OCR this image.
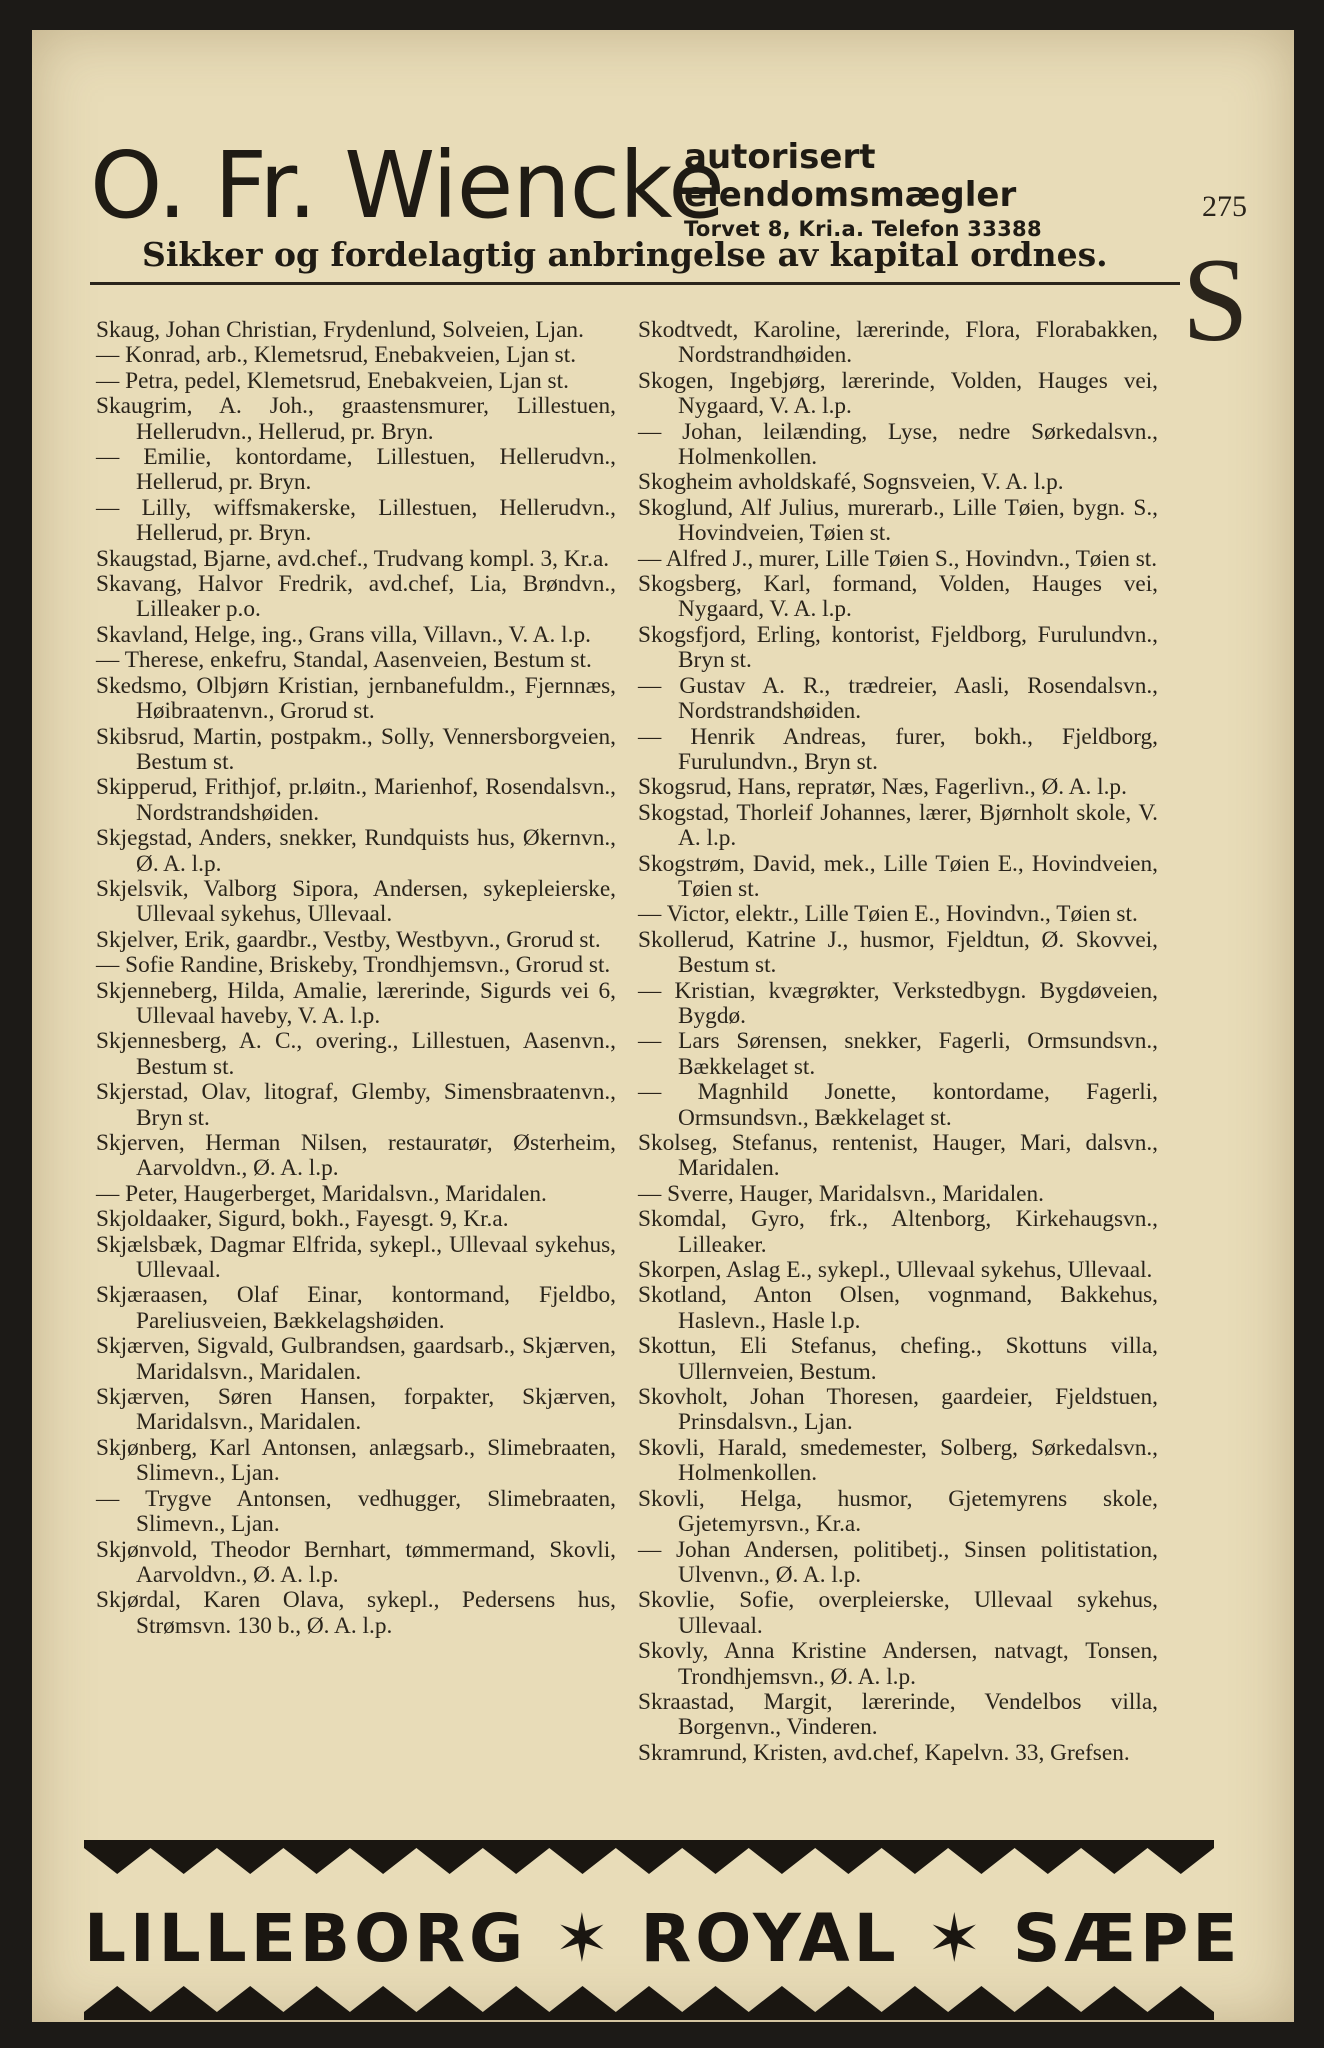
O. Fr. Wiencke
autorisert eiendomsmægler
Torvet 8, Kri.a. Telefon 33388
Sikker og fordelagtig anbringelse av kapital ordnes.
275
S
Skaug, Johan Christian, Frydenlund, Solveien, Ljan.
— Konrad, arb., Klemetsrud, Enebakveien, Ljan st.
— Petra, pedel, Klemetsrud, Enebakveien, Ljan st.
Skaugrim, A. Joh., graastensmurer, Lillestuen, Hellerudvn., Hellerud, pr. Bryn.
— Emilie, kontordame, Lillestuen, Hellerudvn., Hellerud, pr. Bryn.
— Lilly, wiffsmakerske, Lillestuen, Hellerudvn., Hellerud, pr. Bryn.
Skaugstad, Bjarne, avd.chef., Trudvang kompl. 3, Kr.a.
Skavang, Halvor Fredrik, avd.chef, Lia, Brøndvn., Lilleaker p.o.
Skavland, Helge, ing., Grans villa, Villavn., V. A. l.p.
— Therese, enkefru, Standal, Aasenveien, Bestum st.
Skedsmo, Olbjørn Kristian, jernbanefuldm., Fjernnæs, Høibraatenvn., Grorud st.
Skibsrud, Martin, postpakm., Solly, Vennersborgveien, Bestum st.
Skipperud, Frithjof, pr.løitn., Marienhof, Rosendalsvn., Nordstrandshøiden.
Skjegstad, Anders, snekker, Rundquists hus, Økernvn., Ø. A. l.p.
Skjelsvik, Valborg Sipora, Andersen, sykepleierske, Ullevaal sykehus, Ullevaal.
Skjelver, Erik, gaardbr., Vestby, Westbyvn., Grorud st.
— Sofie Randine, Briskeby, Trondhjemsvn., Grorud st.
Skjenneberg, Hilda, Amalie, lærerinde, Sigurds vei 6, Ullevaal haveby, V. A. l.p.
Skjennesberg, A. C., overing., Lillestuen, Aasenvn., Bestum st.
Skjerstad, Olav, litograf, Glemby, Simensbraatenvn., Bryn st.
Skjerven, Herman Nilsen, restauratør, Østerheim, Aarvoldvn., Ø. A. l.p.
— Peter, Haugerberget, Maridalsvn., Maridalen.
Skjoldaaker, Sigurd, bokh., Fayesgt. 9, Kr.a.
Skjælsbæk, Dagmar Elfrida, sykepl., Ullevaal sykehus, Ullevaal.
Skjæraasen, Olaf Einar, kontormand, Fjeldbo, Pareliusveien, Bækkelagshøiden.
Skjærven, Sigvald, Gulbrandsen, gaardsarb., Skjærven, Maridalsvn., Maridalen.
Skjærven, Søren Hansen, forpakter, Skjærven, Maridalsvn., Maridalen.
Skjønberg, Karl Antonsen, anlægsarb., Slimebraaten, Slimevn., Ljan.
— Trygve Antonsen, vedhugger, Slimebraaten, Slimevn., Ljan.
Skjønvold, Theodor Bernhart, tømmermand, Skovli, Aarvoldvn., Ø. A. l.p.
Skjørdal, Karen Olava, sykepl., Pedersens hus, Strømsvn. 130 b., Ø. A. l.p.
Skodtvedt, Karoline, lærerinde, Flora, Florabakken, Nordstrandhøiden.
Skogen, Ingebjørg, lærerinde, Volden, Hauges vei, Nygaard, V. A. l.p.
— Johan, leilænding, Lyse, nedre Sørkedalsvn., Holmenkollen.
Skogheim avholdskafé, Sognsveien, V. A. l.p.
Skoglund, Alf Julius, murerarb., Lille Tøien, bygn. S., Hovindveien, Tøien st.
— Alfred J., murer, Lille Tøien S., Hovindvn., Tøien st.
Skogsberg, Karl, formand, Volden, Hauges vei, Nygaard, V. A. l.p.
Skogsfjord, Erling, kontorist, Fjeldborg, Furulundvn., Bryn st.
— Gustav A. R., trædreier, Aasli, Rosendalsvn., Nordstrandshøiden.
— Henrik Andreas, furer, bokh., Fjeldborg, Furulundvn., Bryn st.
Skogsrud, Hans, repratør, Næs, Fagerlivn., Ø. A. l.p.
Skogstad, Thorleif Johannes, lærer, Bjørnholt skole, V. A. l.p.
Skogstrøm, David, mek., Lille Tøien E., Hovindveien, Tøien st.
— Victor, elektr., Lille Tøien E., Hovindvn., Tøien st.
Skollerud, Katrine J., husmor, Fjeldtun, Ø. Skovvei, Bestum st.
— Kristian, kvægrøkter, Verkstedbygn. Bygdøveien, Bygdø.
— Lars Sørensen, snekker, Fagerli, Ormsundsvn., Bækkelaget st.
— Magnhild Jonette, kontordame, Fagerli, Ormsundsvn., Bækkelaget st.
Skolseg, Stefanus, rentenist, Hauger, Mari, dalsvn., Maridalen.
— Sverre, Hauger, Maridalsvn., Maridalen.
Skomdal, Gyro, frk., Altenborg, Kirkehaugsvn., Lilleaker.
Skorpen, Aslag E., sykepl., Ullevaal sykehus, Ullevaal.
Skotland, Anton Olsen, vognmand, Bakkehus, Haslevn., Hasle l.p.
Skottun, Eli Stefanus, chefing., Skottuns villa, Ullernveien, Bestum.
Skovholt, Johan Thoresen, gaardeier, Fjeldstuen, Prinsdalsvn., Ljan.
Skovli, Harald, smedemester, Solberg, Sørkedalsvn., Holmenkollen.
Skovli, Helga, husmor, Gjetemyrens skole, Gjetemyrsvn., Kr.a.
— Johan Andersen, politibetj., Sinsen politistation, Ulvenvn., Ø. A. l.p.
Skovlie, Sofie, overpleierske, Ullevaal sykehus, Ullevaal.
Skovly, Anna Kristine Andersen, natvagt, Tonsen, Trondhjemsvn., Ø. A. l.p.
Skraastad, Margit, lærerinde, Vendelbos villa, Borgenvn., Vinderen.
Skramrund, Kristen, avd.chef, Kapelvn. 33, Grefsen.
LILLEBORG ✶ ROYAL ✶ SÆPE
